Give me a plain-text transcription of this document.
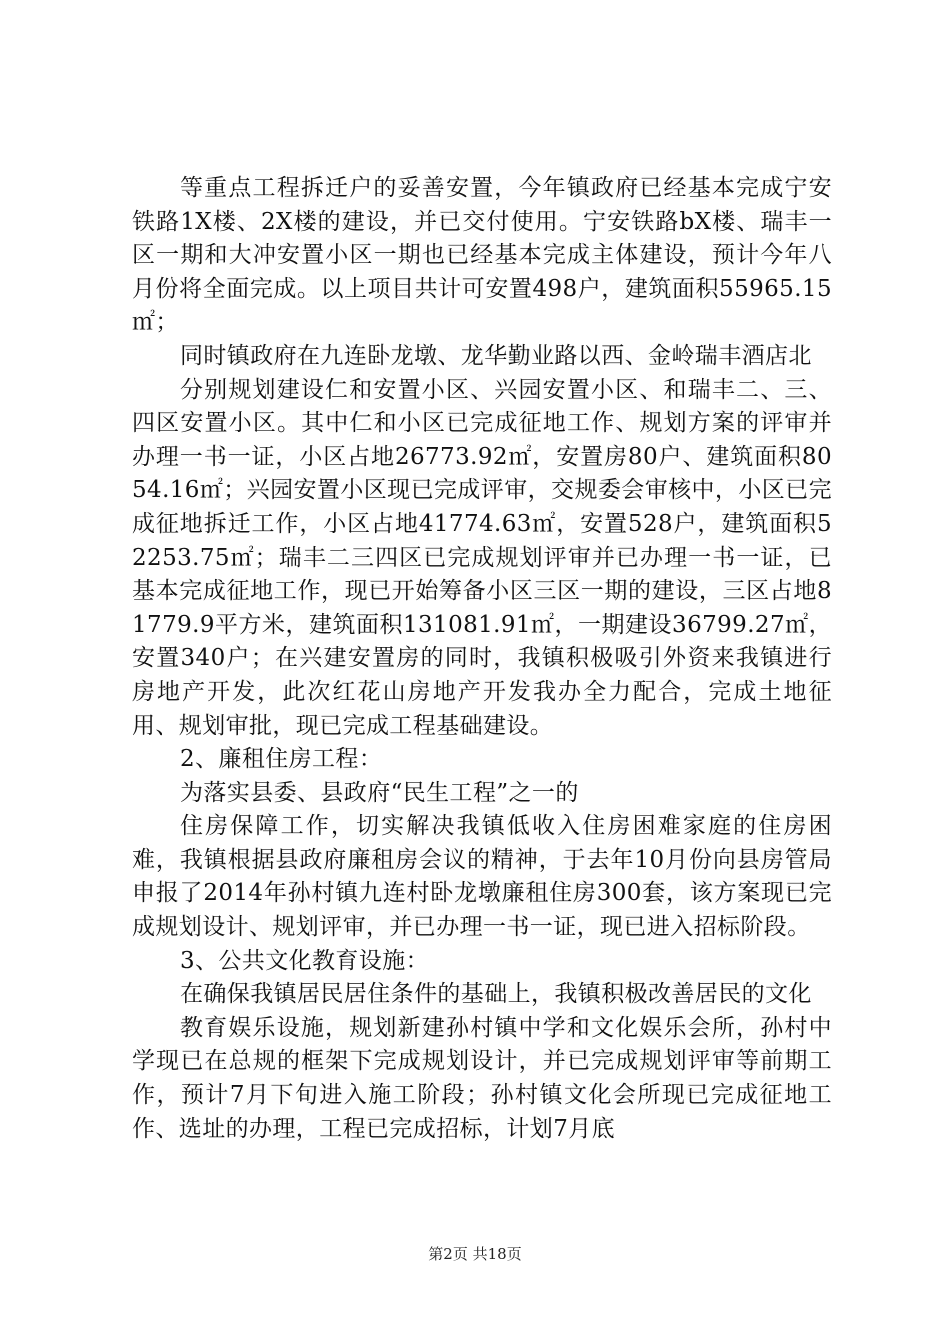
等重点工程拆迁户的妥善安置，今年镇政府已经基本完成宁安铁路1X楼、2X楼的建设，并已交付使用。宁安铁路bX楼、瑞丰一区一期和大冲安置小区一期也已经基本完成主体建设，预计今年八月份将全面完成。以上项目共计可安置498户，建筑面积55965.15㎡；

同时镇政府在九连卧龙墩、龙华勤业路以西、金岭瑞丰酒店北

分别规划建设仁和安置小区、兴园安置小区、和瑞丰二、三、四区安置小区。其中仁和小区已完成征地工作、规划方案的评审并办理一书一证，小区占地26773.92㎡，安置房80户、建筑面积8054.16㎡；兴园安置小区现已完成评审，交规委会审核中，小区已完成征地拆迁工作，小区占地41774.63㎡，安置528户，建筑面积52253.75㎡；瑞丰二三四区已完成规划评审并已办理一书一证，已基本完成征地工作，现已开始筹备小区三区一期的建设，三区占地81779.9平方米，建筑面积131081.91㎡，一期建设36799.27㎡，安置340户；在兴建安置房的同时，我镇积极吸引外资来我镇进行房地产开发，此次红花山房地产开发我办全力配合，完成土地征用、规划审批，现已完成工程基础建设。

2、廉租住房工程：

为落实县委、县政府“民生工程”之一的

住房保障工作，切实解决我镇低收入住房困难家庭的住房困难，我镇根据县政府廉租房会议的精神，于去年10月份向县房管局申报了2014年孙村镇九连村卧龙墩廉租住房300套，该方案现已完成规划设计、规划评审，并已办理一书一证，现已进入招标阶段。

3、公共文化教育设施：

在确保我镇居民居住条件的基础上，我镇积极改善居民的文化

教育娱乐设施，规划新建孙村镇中学和文化娱乐会所，孙村中学现已在总规的框架下完成规划设计，并已完成规划评审等前期工作，预计7月下旬进入施工阶段；孙村镇文化会所现已完成征地工作、选址的办理，工程已完成招标，计划7月底

第2页 共18页
